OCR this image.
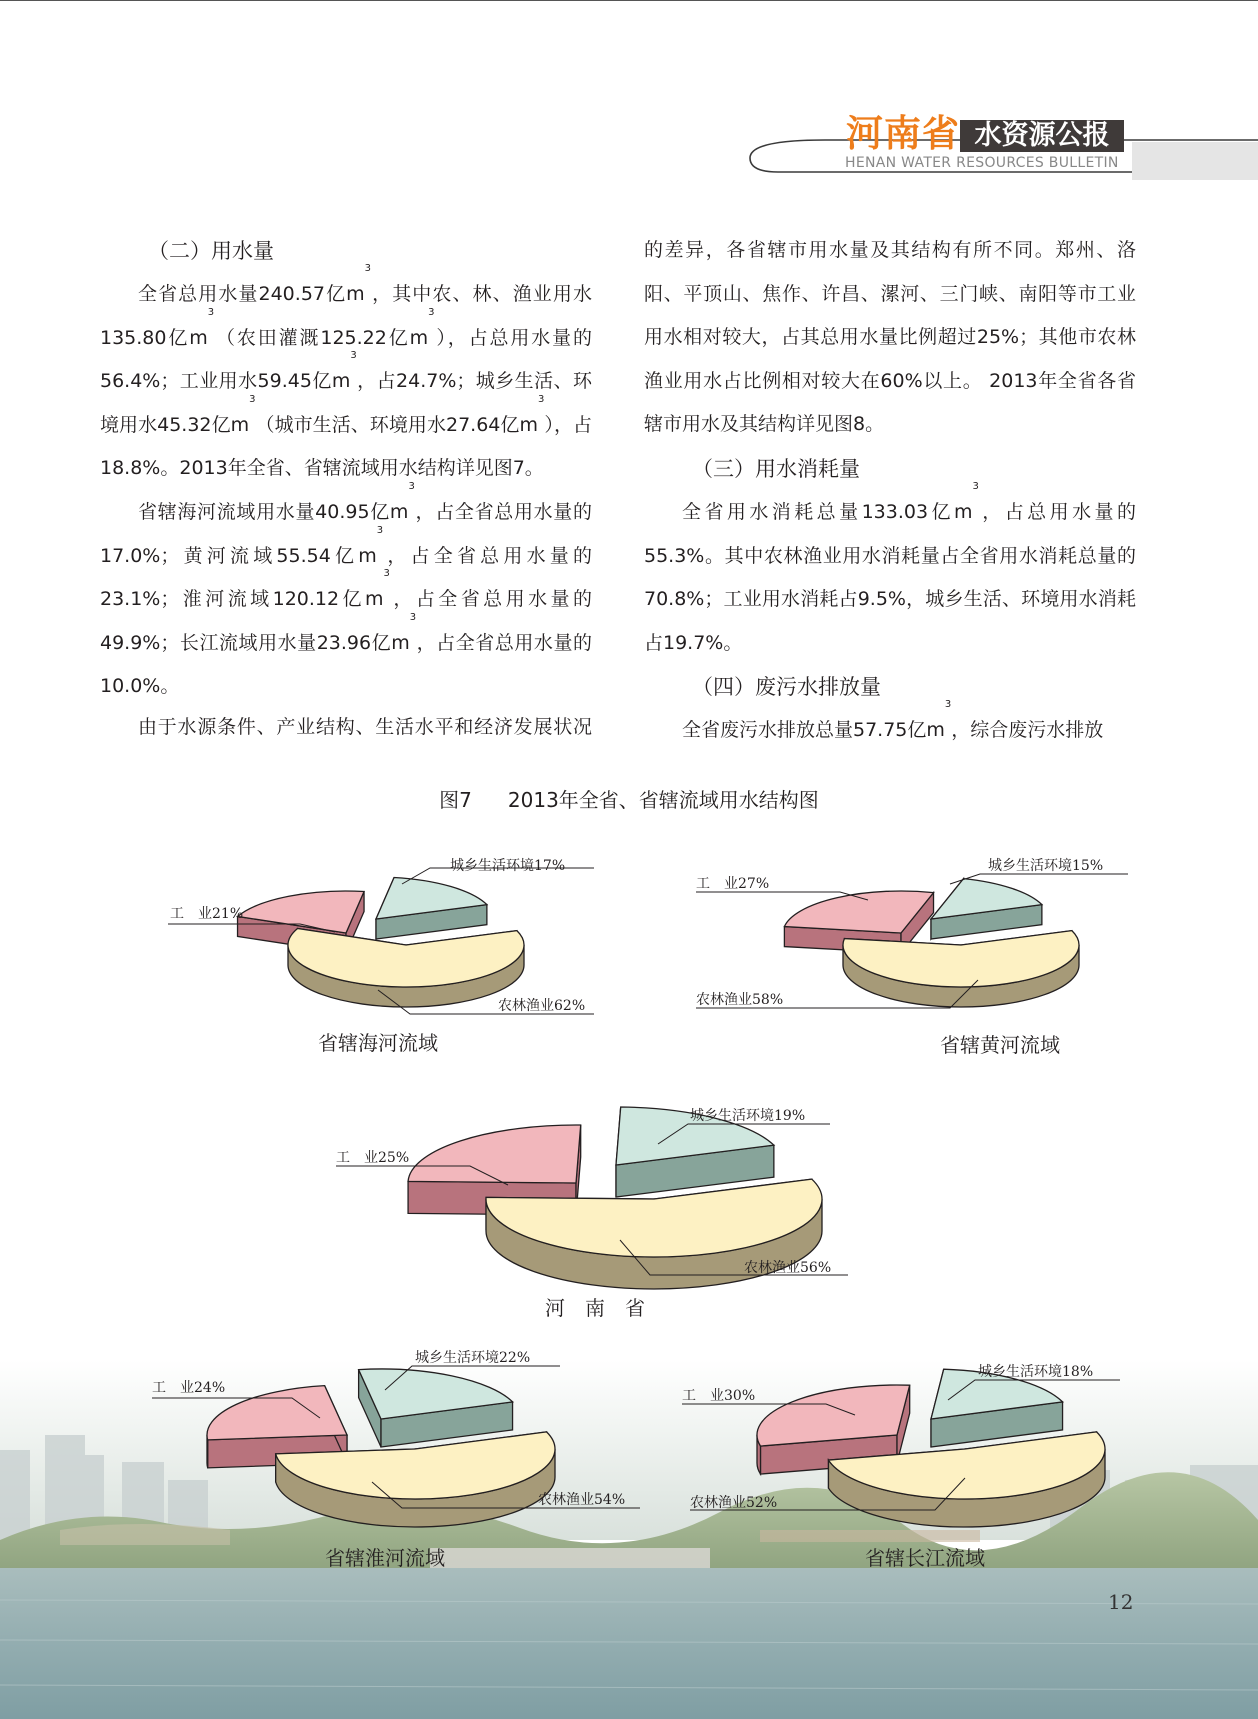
河南省 水资源公报
HENAN WATER RESOURCES BULLETIN
（二）用水量

全省总用水量240.57亿$m^3$，其中农、林、渔业用水135.80亿$m^3$（农田灌溉125.22亿$m^3$），占总用水量的56.4%；工业用水59.45亿$m^3$，占24.7%；城乡生活、环境用水45.32亿$m^3$（城市生活、环境用水27.64亿$m^3$），占18.8%。2013年全省、省辖流域用水结构详见图7。

省辖海河流域用水量40.95亿$m^3$，占全省总用水量的17.0%；黄河流域55.54亿$m^3$，占全省总用水量的23.1%；淮河流域120.12亿$m^3$，占全省总用水量的49.9%；长江流域用水量23.96亿$m^3$，占全省总用水量的10.0%。

由于水源条件、产业结构、生活水平和经济发展状况

的差异，各省辖市用水量及其结构有所不同。郑州、洛阳、平顶山、焦作、许昌、漯河、三门峡、南阳等市工业用水相对较大，占其总用水量比例超过25%；其他市农林渔业用水占比例相对较大在60%以上。 2013年全省各省辖市用水及其结构详见图8。

（三）用水消耗量

全省用水消耗总量133.03亿$m^3$，占总用水量的55.3%。其中农林渔业用水消耗量占全省用水消耗总量的70.8%；工业用水消耗占9.5%，城乡生活、环境用水消耗占19.7%。

（四）废污水排放量

全省废污水排放总量57.75亿$m^3$，综合废污水排放

图7 2013年全省、省辖流域用水结构图
农林渔业62%
工　业21%
城乡生活环境17%
省辖海河流域
农林渔业58%
工　业27%
城乡生活环境15%
省辖黄河流域
农林渔业56%
工　业25%
城乡生活环境19%
河　南　省
农林渔业54%
工　业24%
城乡生活环境22%
省辖淮河流域
农林渔业52%
工　业30%
城乡生活环境18%
省辖长江流域
12
